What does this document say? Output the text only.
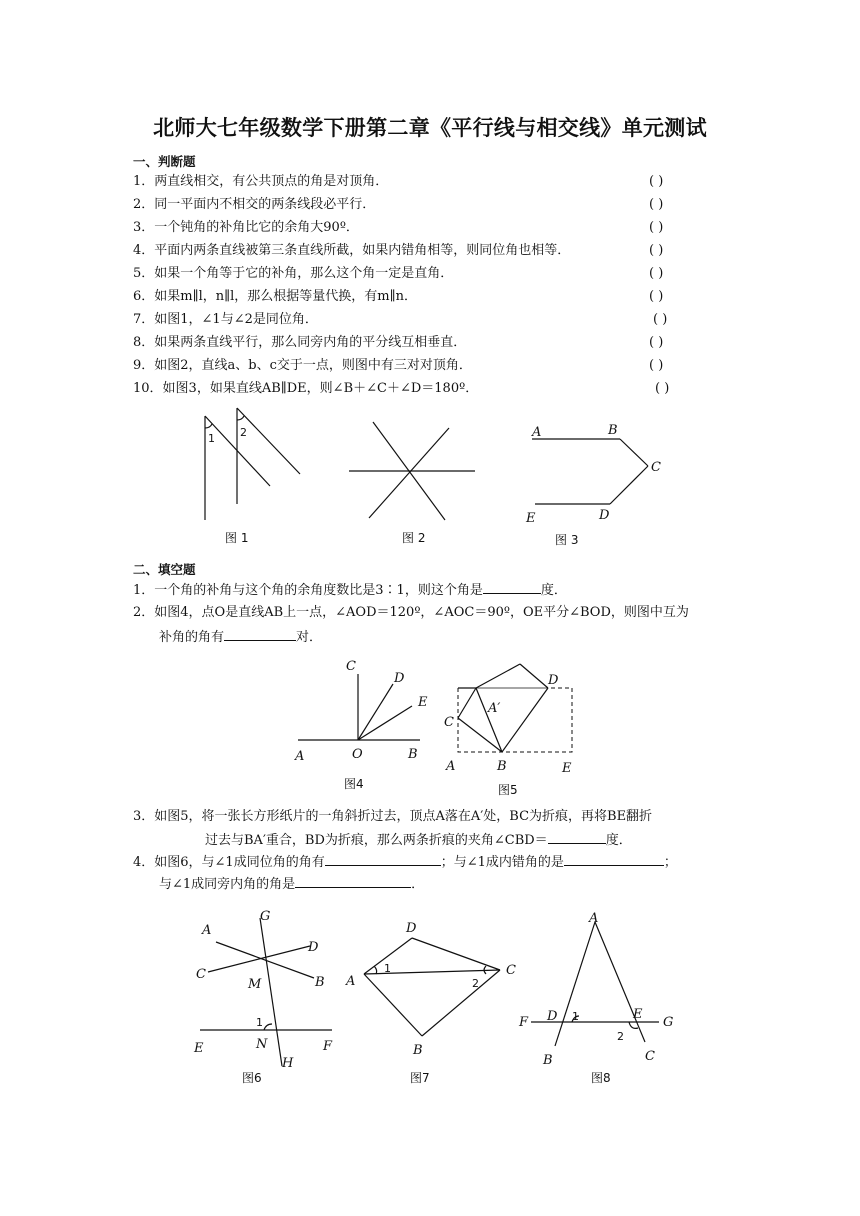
北师大七年级数学下册第二章《平行线与相交线》单元测试
一、判断题
1．两直线相交，有公共顶点的角是对顶角．
2．同一平面内不相交的两条线段必平行．
3．一个钝角的补角比它的余角大90º．
4．平面内两条直线被第三条直线所截，如果内错角相等，则同位角也相等．
5．如果一个角等于它的补角，那么这个角一定是直角．
6．如果m∥l，n∥l，那么根据等量代换，有m∥n．
7．如图1，∠1与∠2是同位角．
8．如果两条直线平行，那么同旁内角的平分线互相垂直．
9．如图2，直线a、b、c交于一点，则图中有三对对顶角．
10．如图3，如果直线AB∥DE，则∠B＋∠C＋∠D＝180º．
( )
( )
( )
( )
( )
( )
( )
( )
( )
( )
1 2
图 1	图 2
A	B
C
D
E
图 3
二、填空题
1．一个角的补角与这个角的余角度数比是3∶1，则这个角是	度．
2．如图4，点O是直线AB上一点，∠AOD＝120º，∠AOC＝90º，OE平分∠BOD，则图中互为
补角的角有	对．
C
D
E
A	O	B
图4
D
A′
C
A	B	E
图5
3．如图5，将一张长方形纸片的一角斜折过去，顶点A落在A′处，BC为折痕，再将BE翻折
过去与BA′重合，BD为折痕，那么两条折痕的夹角∠CBD＝	度．
4．如图6，与∠1成同位角的角有	；与∠1成内错角的是	；
与∠1成同旁内角的角是	．
A
G
D
C
M	B
1
E	N	F
H
图6
D
A
1
2
C
B
图7
A
F D 1	E
G
2
B	C
图8
